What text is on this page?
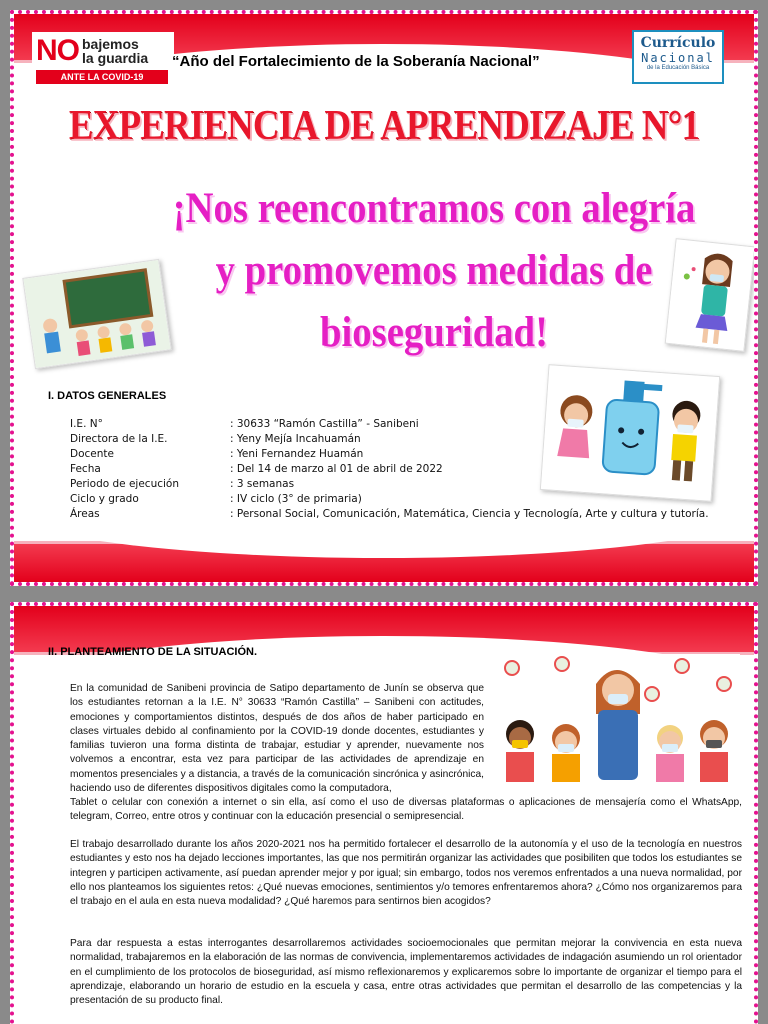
NO bajemos
la guardia
ANTE LA COVID-19
“Año del Fortalecimiento de la Soberanía Nacional”
Currículo
Nacional
de la Educación Básica
EXPERIENCIA DE APRENDIZAJE N°1
¡Nos reencontramos con alegría y promovemos medidas de bioseguridad!
I. DATOS GENERALES
I.E. N°	: 30633 “Ramón Castilla” - Sanibeni
Directora de la I.E.	: Yeny Mejía Incahuamán
Docente	: Yeni Fernandez Huamán
Fecha	: Del 14 de marzo al 01 de abril de 2022
Periodo de ejecución	: 3 semanas
Ciclo y grado	: IV ciclo (3° de primaria)
Áreas	: Personal Social, Comunicación, Matemática, Ciencia y Tecnología, Arte y cultura y tutoría.
II. PLANTEAMIENTO DE LA SITUACIÓN.
En la comunidad de Sanibeni provincia de Satipo departamento de Junín se observa que los estudiantes retornan a la I.E. N° 30633 “Ramón Castilla” – Sanibeni con actitudes, emociones y comportamientos distintos, después de dos años de haber participado en clases virtuales debido al confinamiento por la COVID-19 donde docentes, estudiantes y familias tuvieron una forma distinta de trabajar, estudiar y aprender, nuevamente nos volvemos a encontrar, esta vez para participar de las actividades de aprendizaje en momentos presenciales y a distancia, a través de la comunicación sincrónica y asincrónica, haciendo uso de diferentes dispositivos digitales como la computadora,
Tablet o celular con conexión a internet o sin ella, así como el uso de diversas plataformas o aplicaciones de mensajería como el WhatsApp, telegram, Correo, entre otros y continuar con la educación presencial o semipresencial.
El trabajo desarrollado durante los años 2020-2021 nos ha permitido fortalecer el desarrollo de la autonomía y el uso de la tecnología en nuestros estudiantes y esto nos ha dejado lecciones importantes, las que nos permitirán organizar las actividades que posibiliten que todos los estudiantes se integren y participen activamente, así puedan aprender mejor y por igual; sin embargo, todos nos veremos enfrentados a una nueva normalidad, por ello nos planteamos los siguientes retos: ¿Qué nuevas emociones, sentimientos y/o temores enfrentaremos ahora? ¿Cómo nos organizaremos para el trabajo en el aula en esta nueva modalidad? ¿Qué haremos para sentirnos bien acogidos?
Para dar respuesta a estas interrogantes desarrollaremos actividades socioemocionales que permitan mejorar la convivencia en esta nueva normalidad, trabajaremos en la elaboración de las normas de convivencia, implementaremos actividades de indagación asumiendo un rol orientador en el cumplimiento de los protocolos de bioseguridad, así mismo reflexionaremos y explicaremos sobre lo importante de organizar el tiempo para el aprendizaje, elaborando un horario de estudio en la escuela y casa, entre otras actividades que permitan el desarrollo de las competencias y la presentación de su producto final.
